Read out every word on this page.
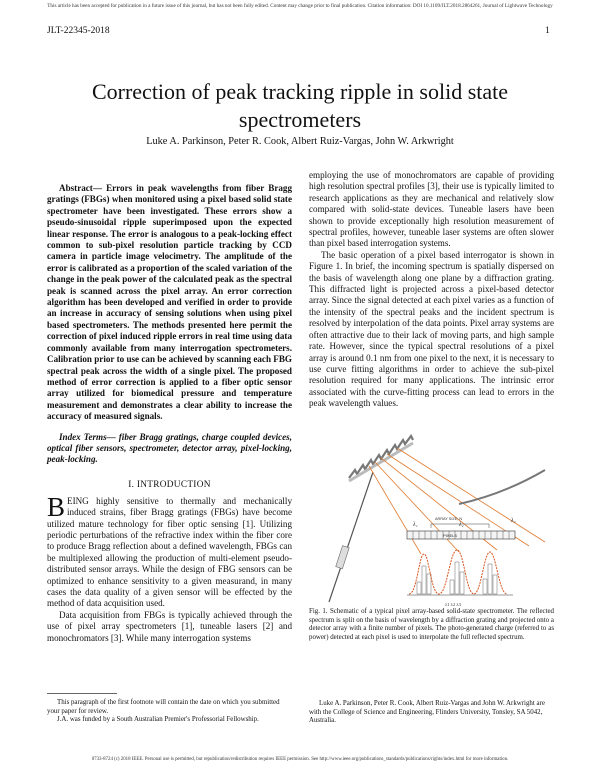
This article has been accepted for publication in a future issue of this journal, but has not been fully edited. Content may change prior to final publication. Citation information: DOI 10.1109/JLT.2018.2864261, Journal of Lightwave Technology
JLT-22345-2018	1
Correction of peak tracking ripple in solid state spectrometers
Luke A. Parkinson, Peter R. Cook, Albert Ruiz-Vargas, John W. Arkwright

Abstract— Errors in peak wavelengths from fiber Bragg gratings (FBGs) when monitored using a pixel based solid state spectrometer have been investigated. These errors show a pseudo-sinusoidal ripple superimposed upon the expected linear response. The error is analogous to a peak-locking effect common to sub-pixel resolution particle tracking by CCD camera in particle image velocimetry. The amplitude of the error is calibrated as a proportion of the scaled variation of the change in the peak power of the calculated peak as the spectral peak is scanned across the pixel array. An error correction algorithm has been developed and verified in order to provide an increase in accuracy of sensing solutions when using pixel based spectrometers. The methods presented here permit the correction of pixel induced ripple errors in real time using data commonly available from many interrogation spectrometers. Calibration prior to use can be achieved by scanning each FBG spectral peak across the width of a single pixel. The proposed method of error correction is applied to a fiber optic sensor array utilized for biomedical pressure and temperature measurement and demonstrates a clear ability to increase the accuracy of measured signals.

Index Terms— fiber Bragg gratings, charge coupled devices, optical fiber sensors, spectrometer, detector array, pixel-locking, peak-locking.

I. INTRODUCTION

BEING highly sensitive to thermally and mechanically induced strains, fiber Bragg gratings (FBGs) have become utilized mature technology for fiber optic sensing [1]. Utilizing periodic perturbations of the refractive index within the fiber core to produce Bragg reflection about a defined wavelength, FBGs can be multiplexed allowing the production of multi-element pseudo-distributed sensor arrays. While the design of FBG sensors can be optimized to enhance sensitivity to a given measurand, in many cases the data quality of a given sensor will be effected by the method of data acquisition used.

Data acquisition from FBGs is typically achieved through the use of pixel array spectrometers [1], tuneable lasers [2] and monochromators [3]. While many interrogation systems

employing the use of monochromators are capable of providing high resolution spectral profiles [3], their use is typically limited to research applications as they are mechanical and relatively slow compared with solid-state devices. Tuneable lasers have been shown to provide exceptionally high resolution measurement of spectral profiles, however, tuneable laser systems are often slower than pixel based interrogation systems.

The basic operation of a pixel based interrogator is shown in Figure 1. In brief, the incoming spectrum is spatially dispersed on the basis of wavelength along one plane by a diffraction grating. This diffracted light is projected across a pixel-based detector array. Since the signal detected at each pixel varies as a function of the intensity of the spectral peaks and the incident spectrum is resolved by interpolation of the data points. Pixel array systems are often attractive due to their lack of moving parts, and high sample rate. However, since the typical spectral resolutions of a pixel array is around 0.1 nm from one pixel to the next, it is necessary to use curve fitting algorithms in order to achieve the sub-pixel resolution required for many applications. The intrinsic error associated with the curve-fitting process can lead to errors in the peak wavelength values.

λ₁	λ₂
λ₃
ARRAY SIZE, N
PIXELS
λ1 λ2 λ3

Fig. 1. Schematic of a typical pixel array-based solid-state spectrometer. The reflected spectrum is split on the basis of wavelength by a diffraction grating and projected onto a detector array with a finite number of pixels. The photo-generated charge (referred to as power) detected at each pixel is used to interpolate the full reflected spectrum.

This paragraph of the first footnote will contain the date on which you submitted your paper for review.

J.A. was funded by a South Australian Premier's Professorial Fellowship.

Luke A. Parkinson, Peter R. Cook, Albert Ruiz-Vargas and John W. Arkwright are with the College of Science and Engineering, Flinders University, Tonsley, SA 5042, Australia.

0733-8724 (c) 2018 IEEE. Personal use is permitted, but republication/redistribution requires IEEE permission. See http://www.ieee.org/publications_standards/publications/rights/index.html for more information.
